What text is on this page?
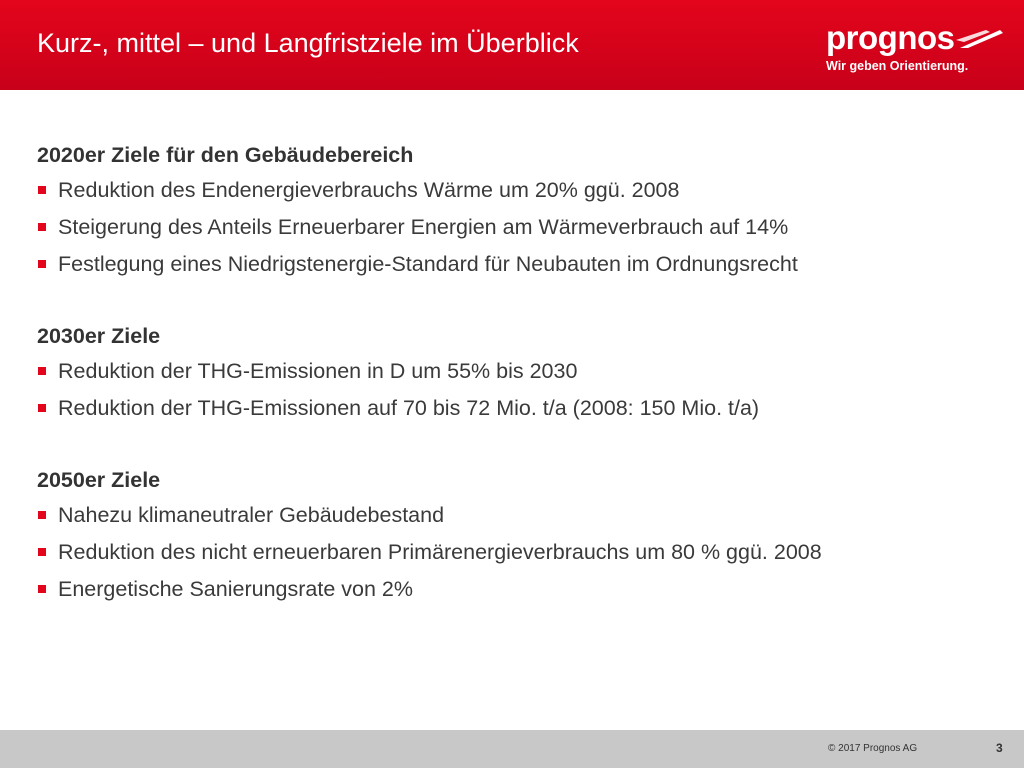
Kurz-, mittel – und Langfristziele im Überblick	prognos
Wir geben Orientierung.
2020er Ziele für den Gebäudebereich
Reduktion des Endenergieverbrauchs Wärme um 20% ggü. 2008
Steigerung des Anteils Erneuerbarer Energien am Wärmeverbrauch auf 14%
Festlegung eines Niedrigstenergie-Standard für Neubauten im Ordnungsrecht
2030er Ziele
Reduktion der THG-Emissionen in D um 55% bis 2030
Reduktion der THG-Emissionen auf 70 bis 72 Mio. t/a (2008: 150 Mio. t/a)
2050er Ziele
Nahezu klimaneutraler Gebäudebestand
Reduktion des nicht erneuerbaren Primärenergieverbrauchs um 80 % ggü. 2008
Energetische Sanierungsrate von 2%
© 2017 Prognos AG	3
